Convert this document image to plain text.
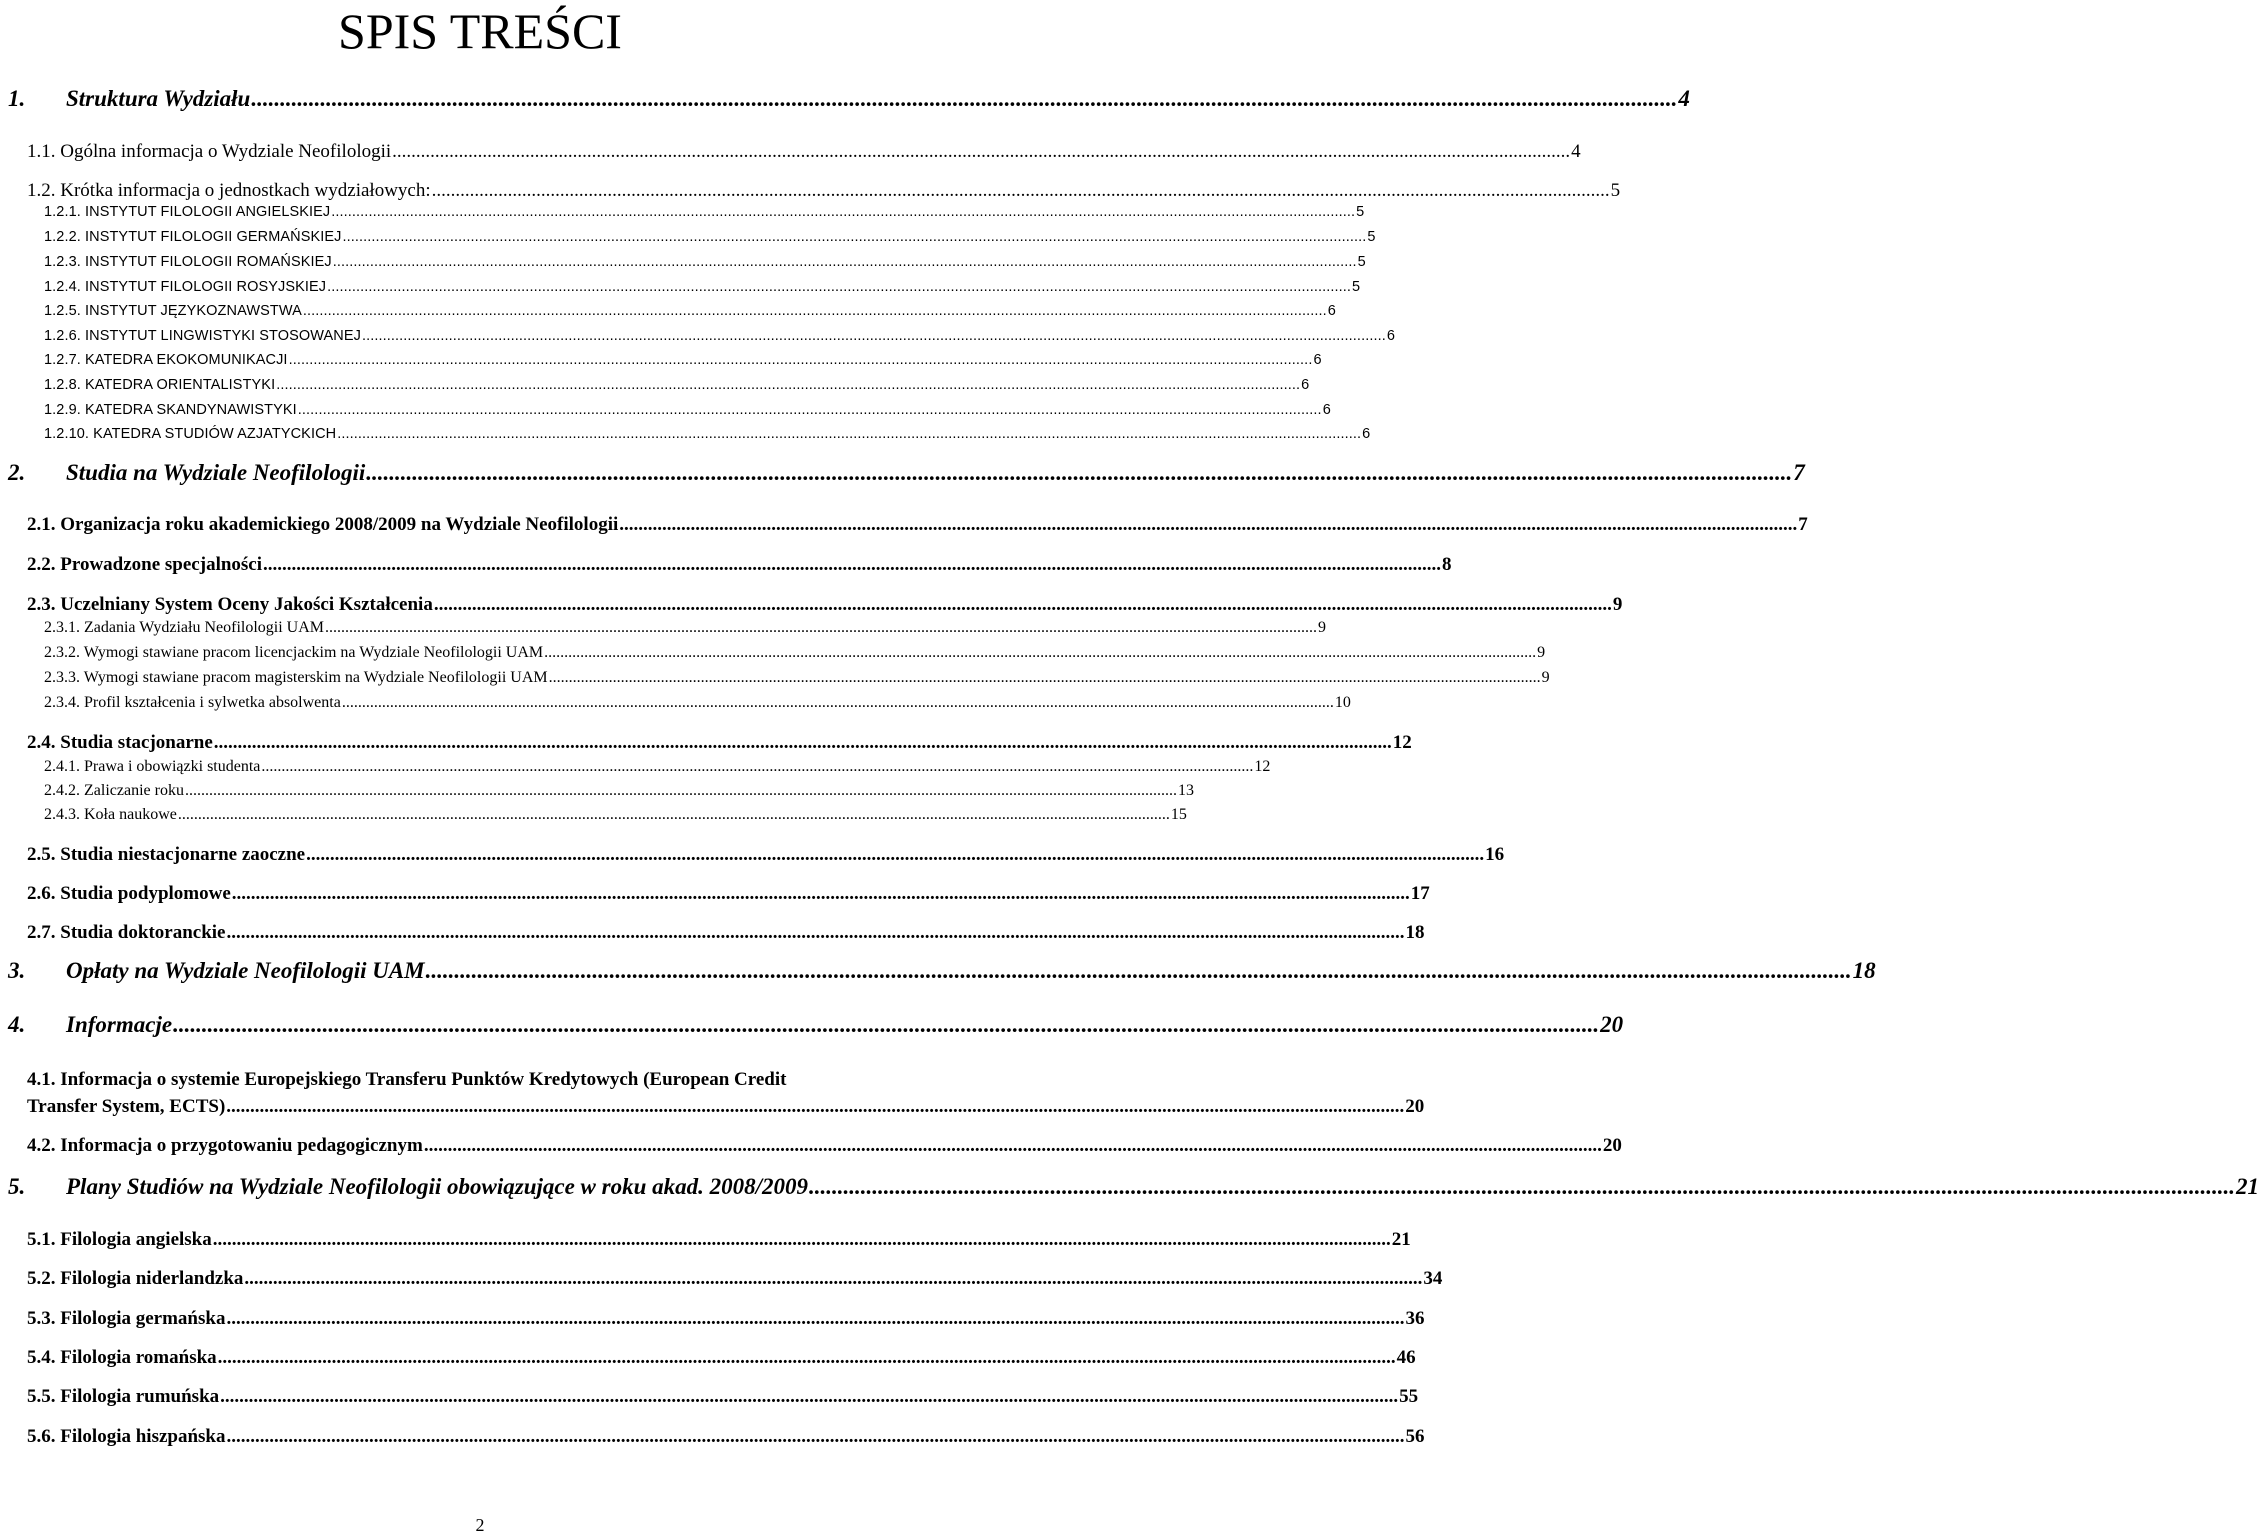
SPIS TREŚCI
1.	Struktura Wydziału .....	4
1.1. Ogólna informacja o Wydziale Neofilologii .....	4
1.2. Krótka informacja o jednostkach wydziałowych: .....	5
1.2.1. INSTYTUT FILOLOGII ANGIELSKIEJ .....	5
1.2.2. INSTYTUT FILOLOGII GERMAŃSKIEJ .....	5
1.2.3. INSTYTUT FILOLOGII ROMAŃSKIEJ .....	5
1.2.4. INSTYTUT FILOLOGII ROSYJSKIEJ .....	5
1.2.5. INSTYTUT JĘZYKOZNAWSTWA .....	6
1.2.6. INSTYTUT LINGWISTYKI STOSOWANEJ .....	6
1.2.7. KATEDRA EKOKOMUNIKACJI .....	6
1.2.8. KATEDRA ORIENTALISTYKI .....	6
1.2.9. KATEDRA SKANDYNAWISTYKI .....	6
1.2.10. KATEDRA STUDIÓW AZJATYCKICH .....	6
2.	Studia na Wydziale Neofilologii .....	7
2.1. Organizacja roku akademickiego 2008/2009 na Wydziale Neofilologii .....	7
2.2. Prowadzone specjalności .....	8
2.3. Uczelniany System Oceny Jakości Kształcenia .....	9
2.3.1. Zadania Wydziału Neofilologii UAM .....	9
2.3.2. Wymogi stawiane pracom licencjackim na Wydziale Neofilologii UAM .....	9
2.3.3. Wymogi stawiane pracom magisterskim na Wydziale Neofilologii UAM .....	9
2.3.4. Profil kształcenia i sylwetka absolwenta .....	10
2.4. Studia stacjonarne .....	12
2.4.1. Prawa i obowiązki studenta .....	12
2.4.2. Zaliczanie roku .....	13
2.4.3. Koła naukowe .....	15
2.5. Studia niestacjonarne zaoczne .....	16
2.6. Studia podyplomowe .....	17
2.7. Studia doktoranckie .....	18
3.	Opłaty na Wydziale Neofilologii UAM .....	18
4.	Informacje .....	20
4.1. Informacja o systemie Europejskiego Transferu Punktów Kredytowych (European Credit
Transfer System, ECTS) .....	20
4.2. Informacja o przygotowaniu pedagogicznym .....	20
5.	Plany Studiów na Wydziale Neofilologii obowiązujące w roku akad. 2008/2009 .....	21
5.1. Filologia angielska .....	21
5.2. Filologia niderlandzka .....	34
5.3. Filologia germańska .....	36
5.4. Filologia romańska .....	46
5.5. Filologia rumuńska .....	55
5.6. Filologia hiszpańska .....	56
2
